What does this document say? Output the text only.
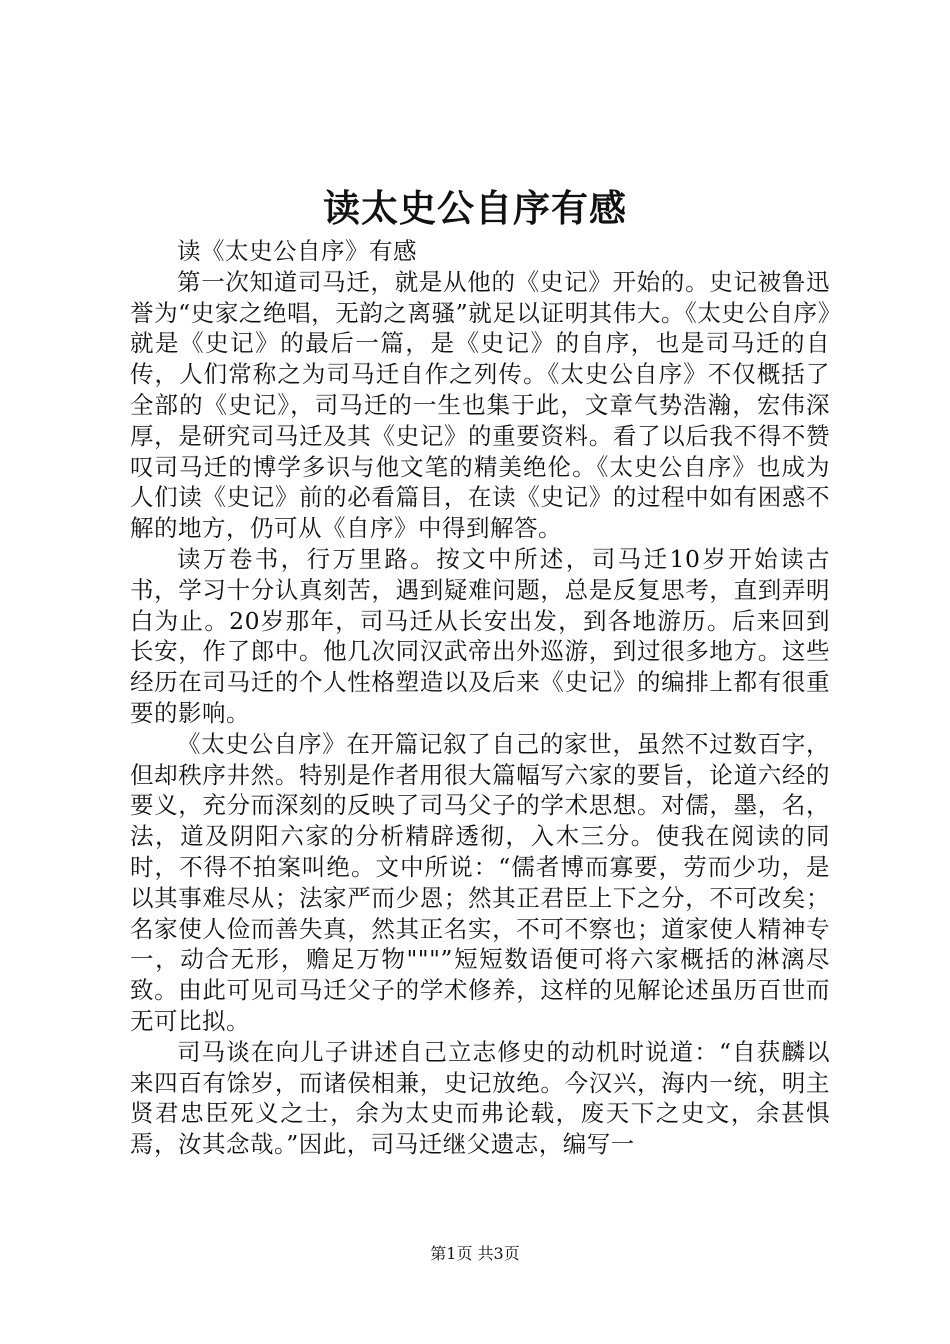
读太史公自序有感

读《太史公自序》有感

第一次知道司马迁，就是从他的《史记》开始的。史记被鲁迅誉为“史家之绝唱，无韵之离骚”就足以证明其伟大。《太史公自序》就是《史记》的最后一篇，是《史记》的自序，也是司马迁的自传，人们常称之为司马迁自作之列传。《太史公自序》不仅概括了全部的《史记》，司马迁的一生也集于此，文章气势浩瀚，宏伟深厚，是研究司马迁及其《史记》的重要资料。看了以后我不得不赞叹司马迁的博学多识与他文笔的精美绝伦。《太史公自序》也成为人们读《史记》前的必看篇目，在读《史记》的过程中如有困惑不解的地方，仍可从《自序》中得到解答。

读万卷书，行万里路。按文中所述，司马迁10岁开始读古书，学习十分认真刻苦，遇到疑难问题，总是反复思考，直到弄明白为止。20岁那年，司马迁从长安出发，到各地游历。后来回到长安，作了郎中。他几次同汉武帝出外巡游，到过很多地方。这些经历在司马迁的个人性格塑造以及后来《史记》的编排上都有很重要的影响。

《太史公自序》在开篇记叙了自己的家世，虽然不过数百字，但却秩序井然。特别是作者用很大篇幅写六家的要旨，论道六经的要义，充分而深刻的反映了司马父子的学术思想。对儒，墨，名，法，道及阴阳六家的分析精辟透彻，入木三分。使我在阅读的同时，不得不拍案叫绝。文中所说：“儒者博而寡要，劳而少功，是以其事难尽从；法家严而少恩；然其正君臣上下之分，不可改矣；名家使人俭而善失真，然其正名实，不可不察也；道家使人精神专一，动合无形，赡足万物"""”短短数语便可将六家概括的淋漓尽致。由此可见司马迁父子的学术修养，这样的见解论述虽历百世而无可比拟。

司马谈在向儿子讲述自己立志修史的动机时说道：“自获麟以来四百有馀岁，而诸侯相兼，史记放绝。今汉兴，海内一统，明主贤君忠臣死义之士，余为太史而弗论载，废天下之史文，余甚惧焉，汝其念哉。”因此，司马迁继父遗志，编写一

第1页 共3页
